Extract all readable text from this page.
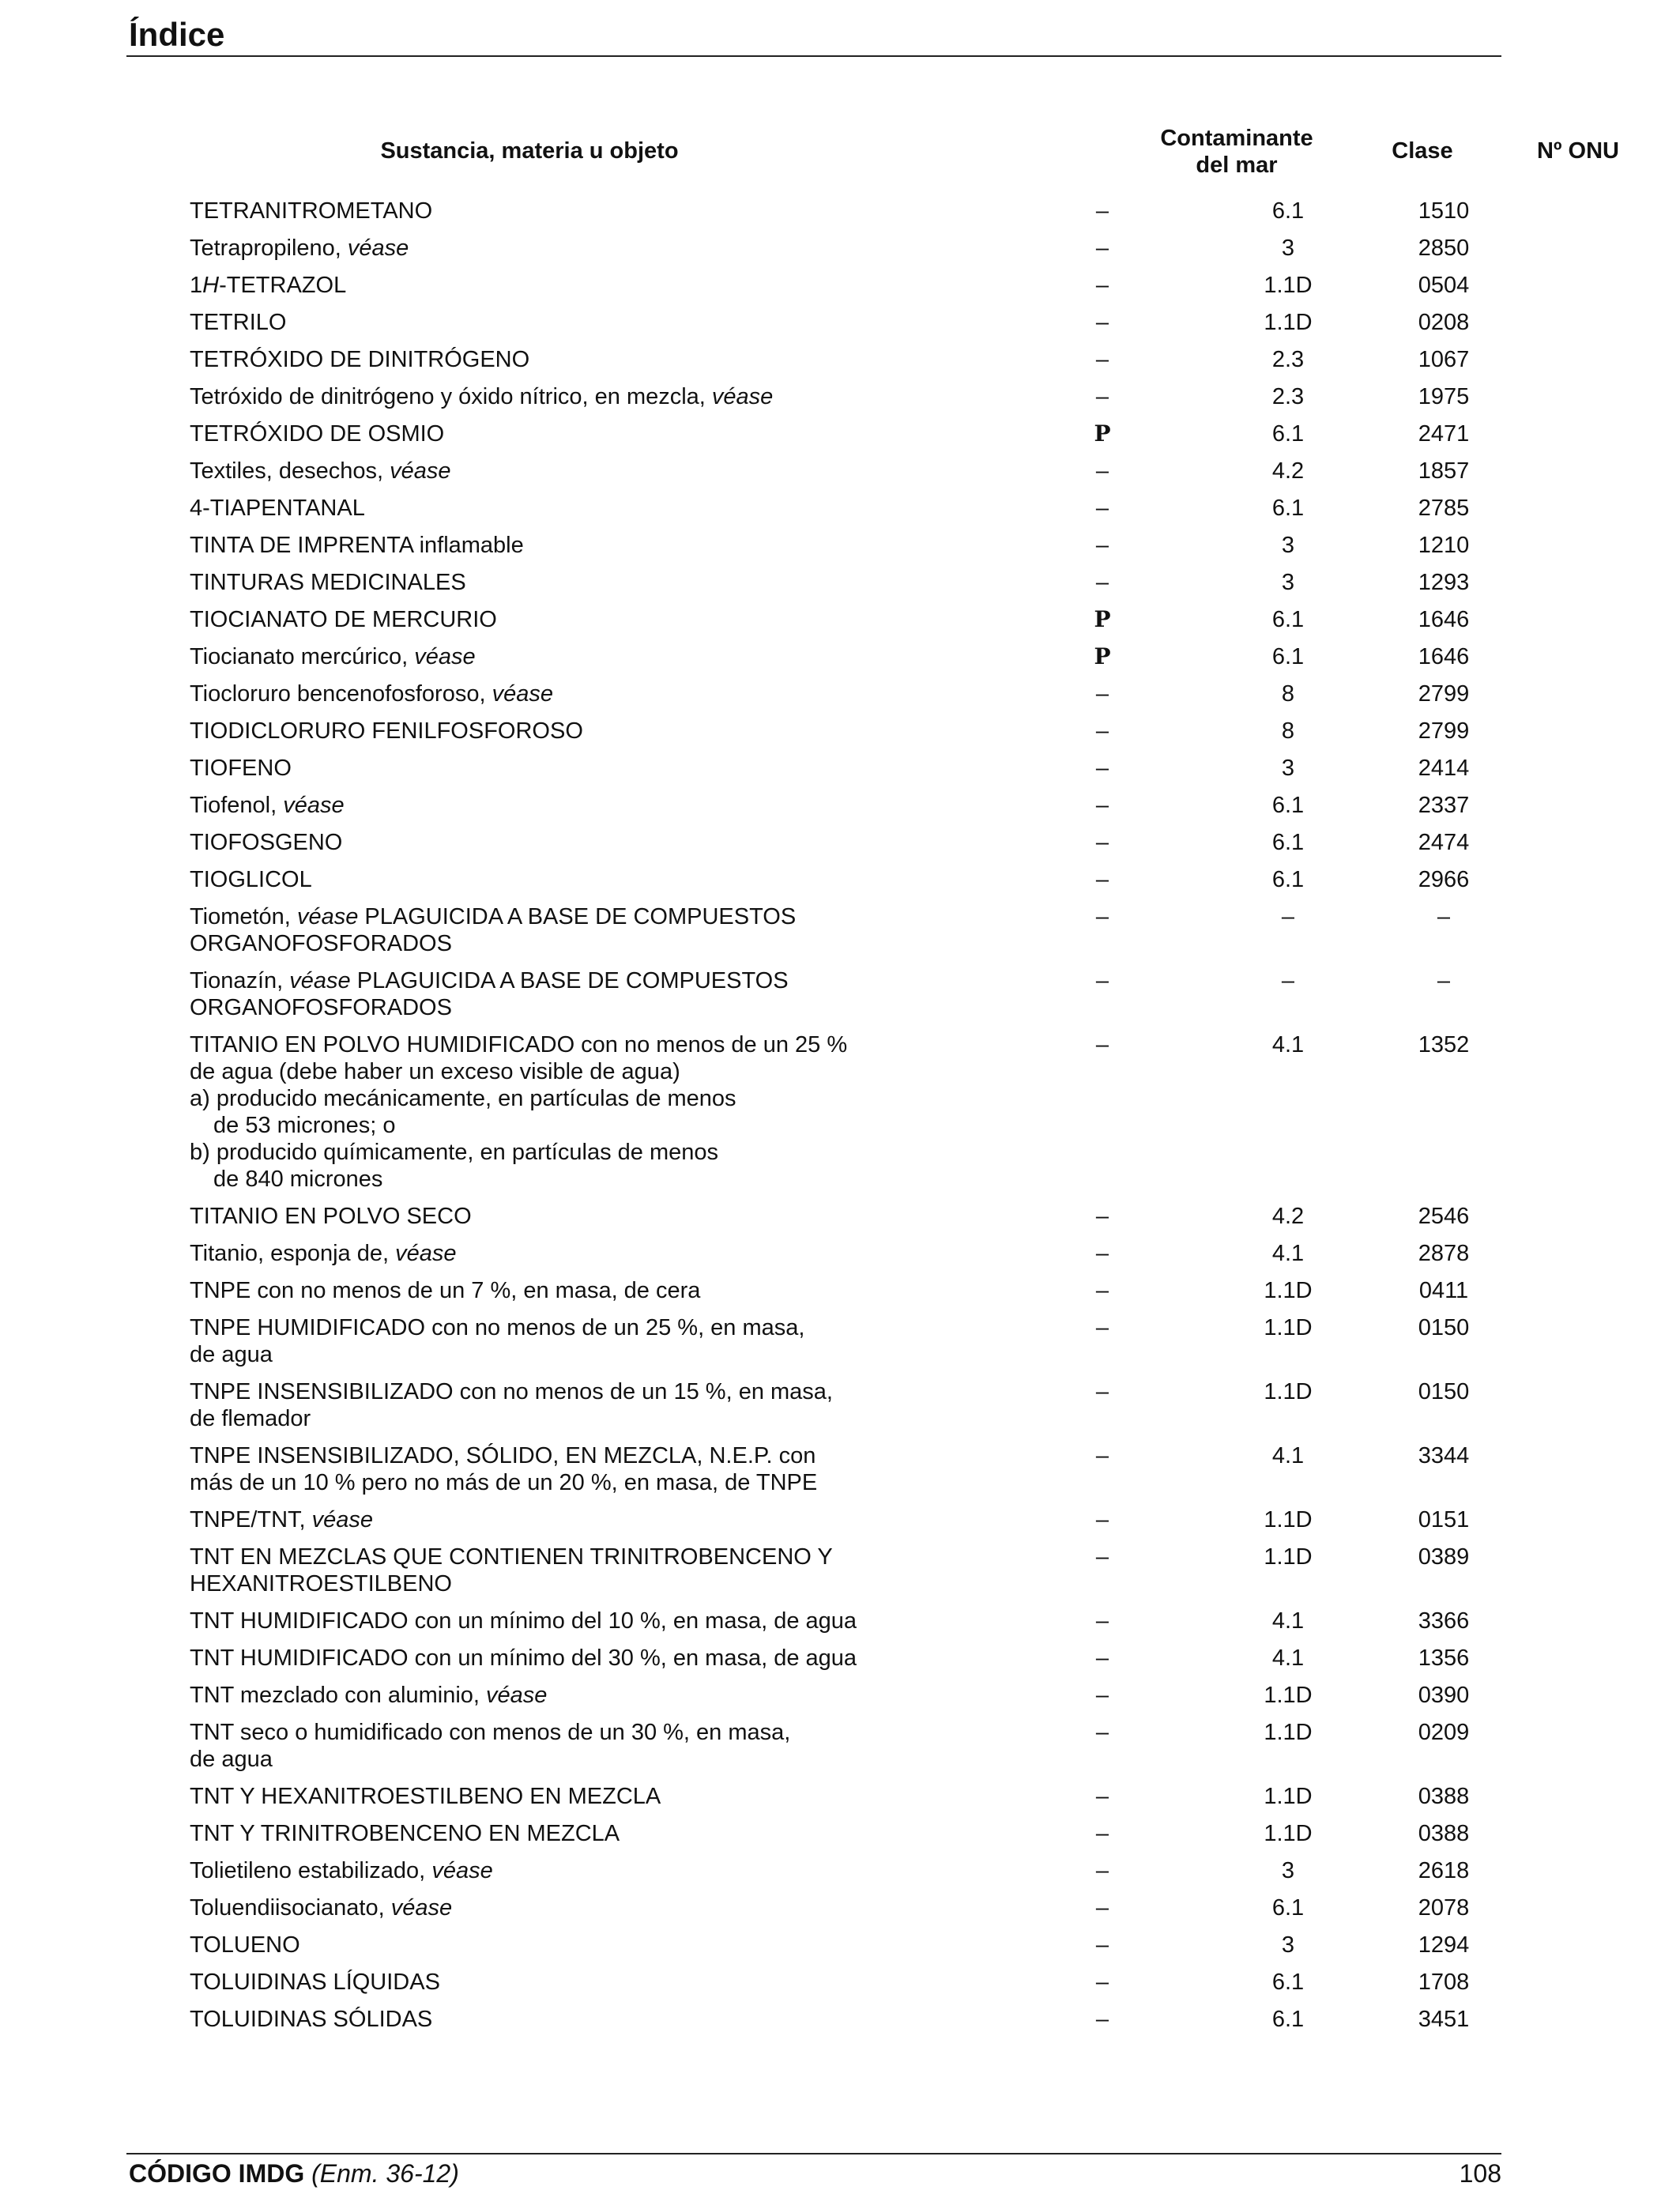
Índice
Sustancia, materia u objeto	Contaminante
del mar
Clase	Nº ONU
TETRANITROMETANO	–	6.1	1510
Tetrapropileno, véase	–	3	2850
1H-TETRAZOL	–	1.1D	0504
TETRILO	–	1.1D	0208
TETRÓXIDO DE DINITRÓGENO	–	2.3	1067
Tetróxido de dinitrógeno y óxido nítrico, en mezcla, véase	–	2.3	1975
TETRÓXIDO DE OSMIO	P	6.1	2471
Textiles, desechos, véase	–	4.2	1857
4-TIAPENTANAL	–	6.1	2785
TINTA DE IMPRENTA inflamable	–	3	1210
TINTURAS MEDICINALES	–	3	1293
TIOCIANATO DE MERCURIO	P	6.1	1646
Tiocianato mercúrico, véase	P	6.1	1646
Tiocloruro bencenofosforoso, véase	–	8	2799
TIODICLORURO FENILFOSFOROSO	–	8	2799
TIOFENO	–	3	2414
Tiofenol, véase	–	6.1	2337
TIOFOSGENO	–	6.1	2474
TIOGLICOL	–	6.1	2966
Tiometón, véase PLAGUICIDA A BASE DE COMPUESTOS
ORGANOFOSFORADOS
–	–	–
Tionazín, véase PLAGUICIDA A BASE DE COMPUESTOS
ORGANOFOSFORADOS
–	–	–
TITANIO EN POLVO HUMIDIFICADO con no menos de un 25 %
de agua (debe haber un exceso visible de agua)
a) producido mecánicamente, en partículas de menos
de 53 micrones; o
b) producido químicamente, en partículas de menos
de 840 micrones
–	4.1	1352
TITANIO EN POLVO SECO	–	4.2	2546
Titanio, esponja de, véase	–	4.1	2878
TNPE con no menos de un 7 %, en masa, de cera	–	1.1D	0411
TNPE HUMIDIFICADO con no menos de un 25 %, en masa,
de agua
–	1.1D	0150
TNPE INSENSIBILIZADO con no menos de un 15 %, en masa,
de flemador
–	1.1D	0150
TNPE INSENSIBILIZADO, SÓLIDO, EN MEZCLA, N.E.P. con
más de un 10 % pero no más de un 20 %, en masa, de TNPE
–	4.1	3344
TNPE/TNT, véase	–	1.1D	0151
TNT EN MEZCLAS QUE CONTIENEN TRINITROBENCENO Y
HEXANITROESTILBENO
–	1.1D	0389
TNT HUMIDIFICADO con un mínimo del 10 %, en masa, de agua	–	4.1	3366
TNT HUMIDIFICADO con un mínimo del 30 %, en masa, de agua	–	4.1	1356
TNT mezclado con aluminio, véase	–	1.1D	0390
TNT seco o humidificado con menos de un 30 %, en masa,
de agua
–	1.1D	0209
TNT Y HEXANITROESTILBENO EN MEZCLA	–	1.1D	0388
TNT Y TRINITROBENCENO EN MEZCLA	–	1.1D	0388
Tolietileno estabilizado, véase	–	3	2618
Toluendiisocianato, véase	–	6.1	2078
TOLUENO	–	3	1294
TOLUIDINAS LÍQUIDAS	–	6.1	1708
TOLUIDINAS SÓLIDAS	–	6.1	3451
CÓDIGO IMDG (Enm. 36-12)	108
